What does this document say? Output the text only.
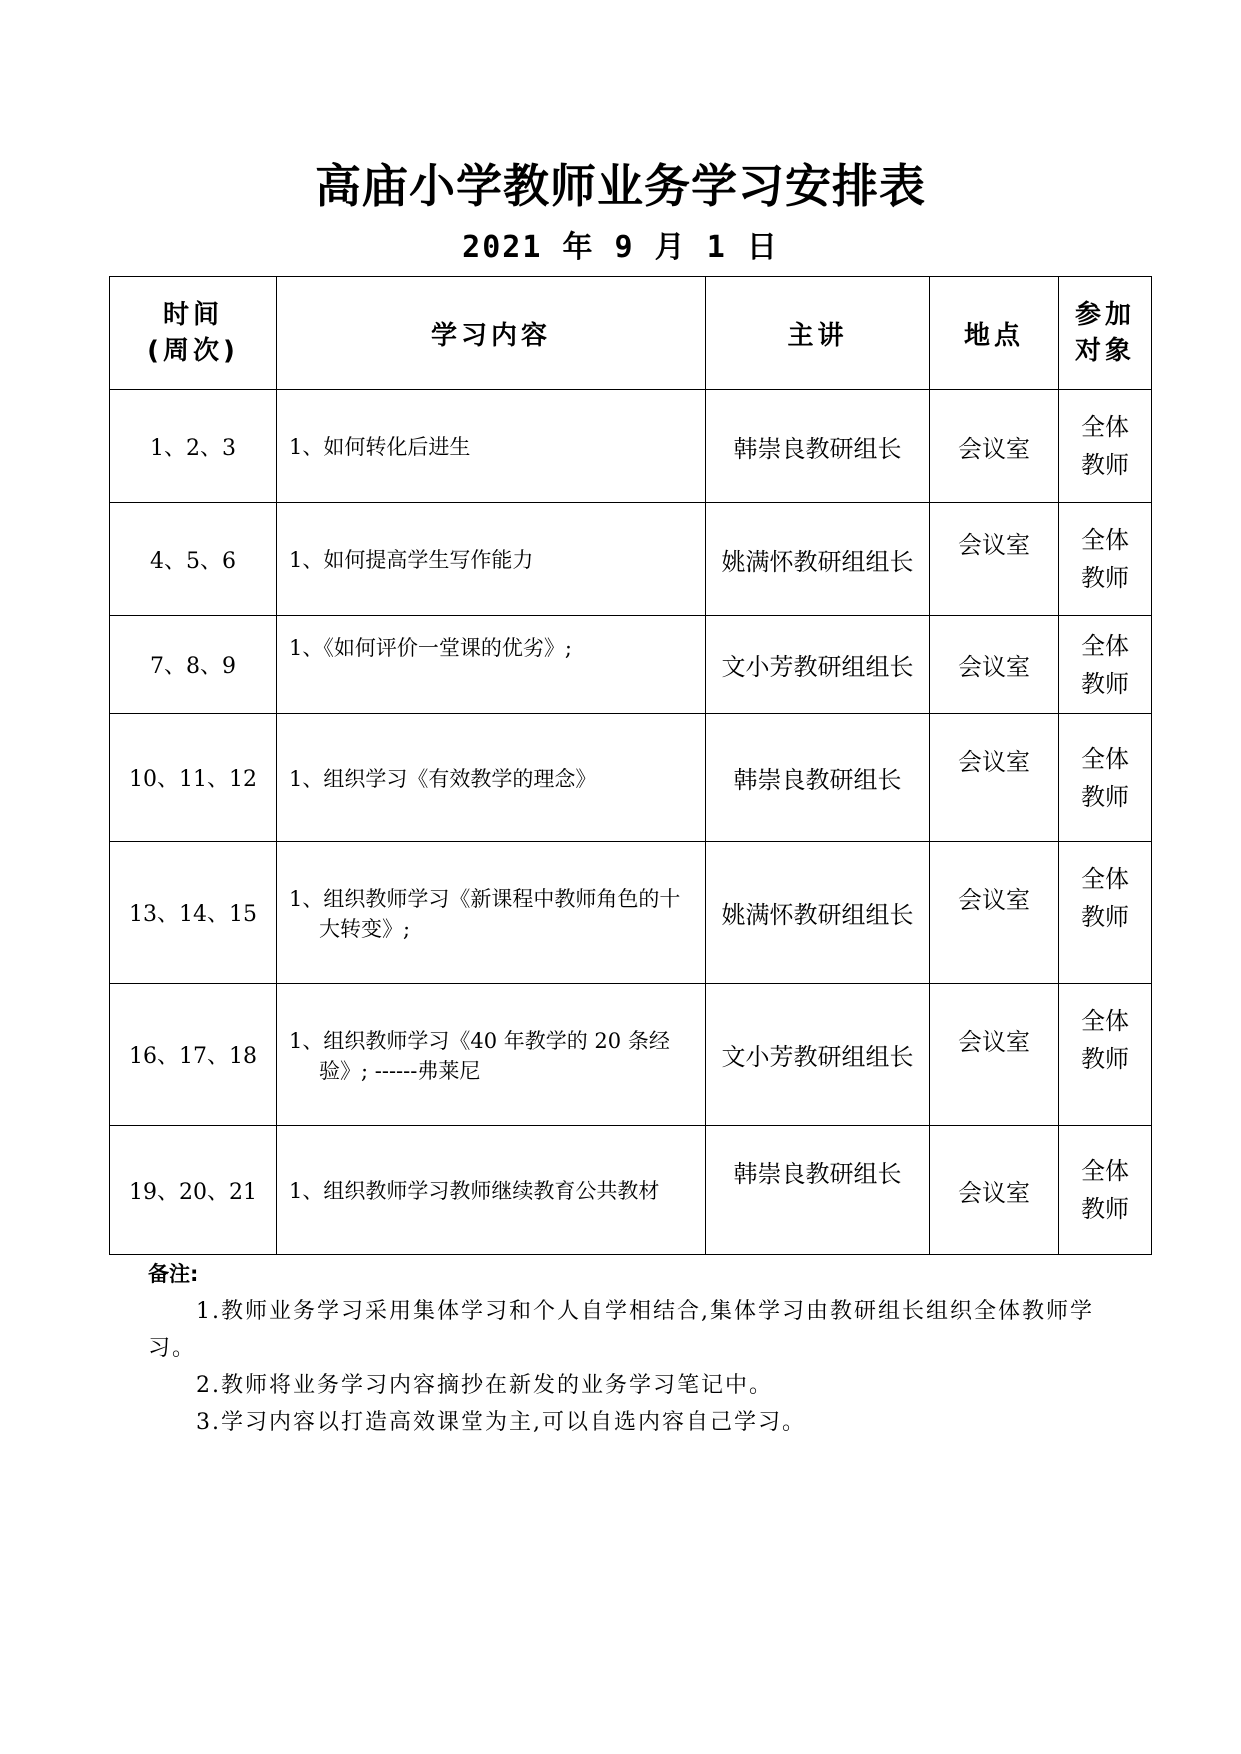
高庙小学教师业务学习安排表
2021 年 9 月 1 日
时间
(周次)	学习内容	主讲	地点	参加
对象

1、2、3	1、如何转化后进生	韩崇良教研组长	会议室	全体
教师
4、5、6	1、如何提高学生写作能力	姚满怀教研组组长	会议室	全体
教师
7、8、9	1、《如何评价一堂课的优劣》;	文小芳教研组组长	会议室	全体
教师
10、11、12	1、组织学习《有效教学的理念》	韩崇良教研组长	会议室	全体
教师
13、14、15	1、组织教师学习《新课程中教师角色的十大转变》;	姚满怀教研组组长	会议室	全体
教师
16、17、18	1、组织教师学习《40 年教学的 20 条经验》; ------弗莱尼	文小芳教研组组长	会议室	全体
教师
19、20、21	1、组织教师学习教师继续教育公共教材	韩崇良教研组长	会议室	全体
教师
备注:

1.教师业务学习采用集体学习和个人自学相结合,集体学习由教研组长组织全体教师学习。

2.教师将业务学习内容摘抄在新发的业务学习笔记中。

3.学习内容以打造高效课堂为主,可以自选内容自己学习。
